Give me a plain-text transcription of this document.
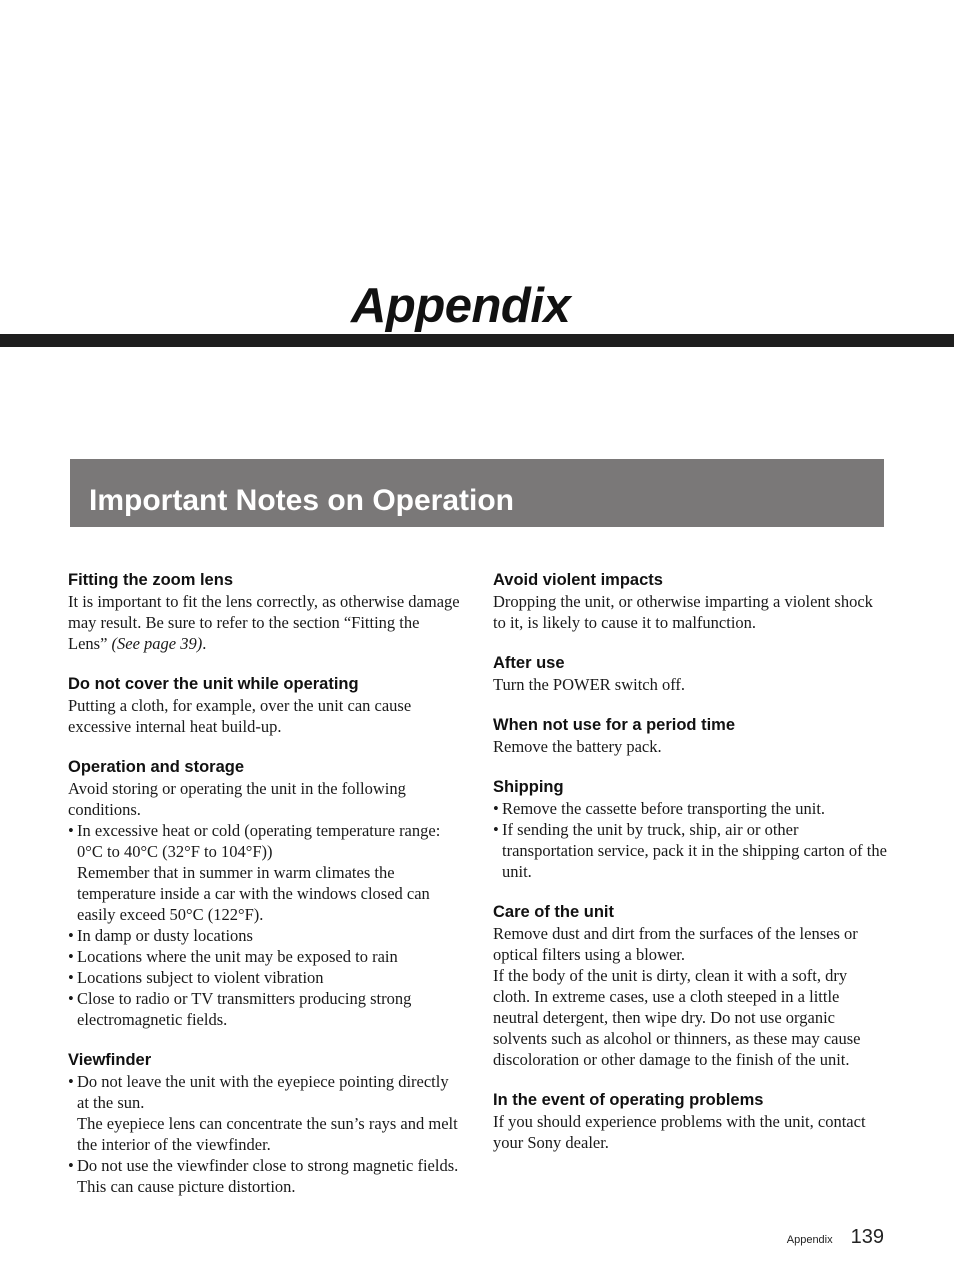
Appendix
Important Notes on Operation

Fitting the zoom lens

It is important to fit the lens correctly, as otherwise damage may result. Be sure to refer to the section “Fitting the Lens” (See page 39).

Do not cover the unit while operating

Putting a cloth, for example, over the unit can cause excessive internal heat build-up.

Operation and storage

Avoid storing or operating the unit in the following conditions.

• In excessive heat or cold (operating temperature range: 0°C to 40°C (32°F to 104°F))
Remember that in summer in warm climates the temperature inside a car with the windows closed can easily exceed 50°C (122°F).
• In damp or dusty locations
• Locations where the unit may be exposed to rain
• Locations subject to violent vibration
• Close to radio or TV transmitters producing strong electromagnetic fields.

Viewfinder

• Do not leave the unit with the eyepiece pointing directly at the sun.
The eyepiece lens can concentrate the sun’s rays and melt the interior of the viewfinder.
• Do not use the viewfinder close to strong magnetic fields. This can cause picture distortion.

Avoid violent impacts

Dropping the unit, or otherwise imparting a violent shock to it, is likely to cause it to malfunction.

After use

Turn the POWER switch off.

When not use for a period time

Remove the battery pack.

Shipping

• Remove the cassette before transporting the unit.
• If sending the unit by truck, ship, air or other transportation service, pack it in the shipping carton of the unit.

Care of the unit

Remove dust and dirt from the surfaces of the lenses or optical filters using a blower.

If the body of the unit is dirty, clean it with a soft, dry cloth. In extreme cases, use a cloth steeped in a little neutral detergent, then wipe dry. Do not use organic solvents such as alcohol or thinners, as these may cause discoloration or other damage to the finish of the unit.

In the event of operating problems

If you should experience problems with the unit, contact your Sony dealer.

Appendix 139
